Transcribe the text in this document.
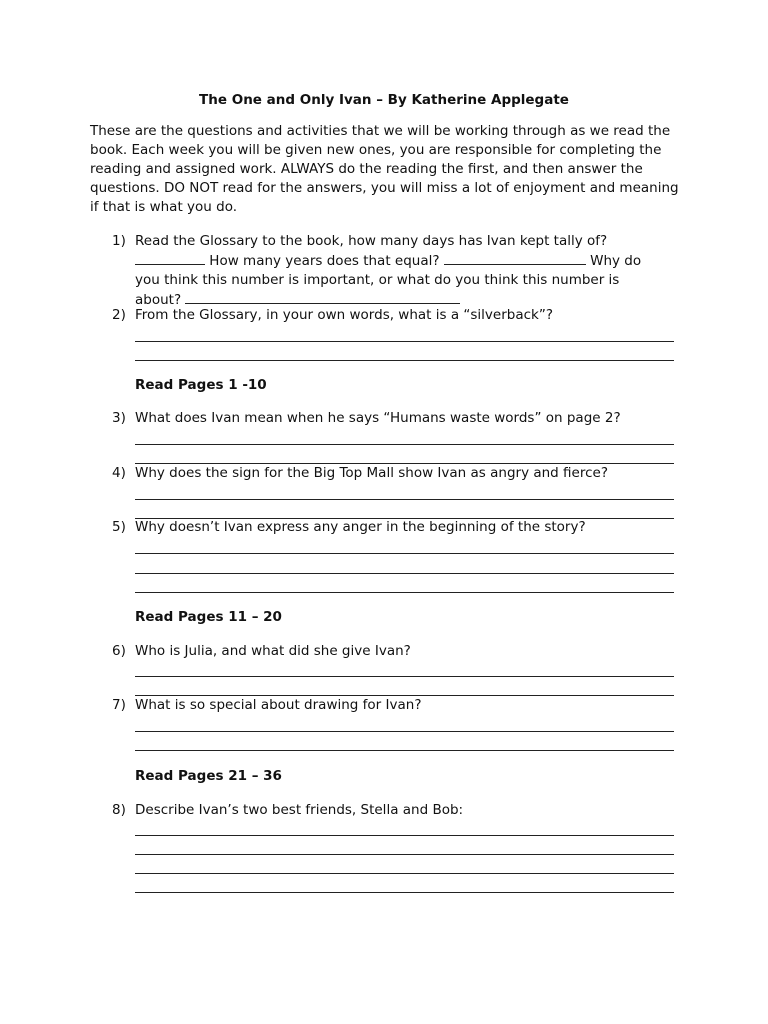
The One and Only Ivan – By Katherine Applegate
These are the questions and activities that we will be working through as we read the book. Each week you will be given new ones, you are responsible for completing the reading and assigned work. ALWAYS do the reading the first, and then answer the questions. DO NOT read for the answers, you will miss a lot of enjoyment and meaning if that is what you do.
1) Read the Glossary to the book, how many days has Ivan kept tally of?
How many years does that equal?	Why do
you think this number is important, or what do you think this number is
about?
2) From the Glossary, in your own words, what is a “silverback”?
Read Pages 1 -10
3) What does Ivan mean when he says “Humans waste words” on page 2?
4) Why does the sign for the Big Top Mall show Ivan as angry and fierce?
5) Why doesn’t Ivan express any anger in the beginning of the story?
Read Pages 11 – 20
6) Who is Julia, and what did she give Ivan?
7) What is so special about drawing for Ivan?
Read Pages 21 – 36
8) Describe Ivan’s two best friends, Stella and Bob:
